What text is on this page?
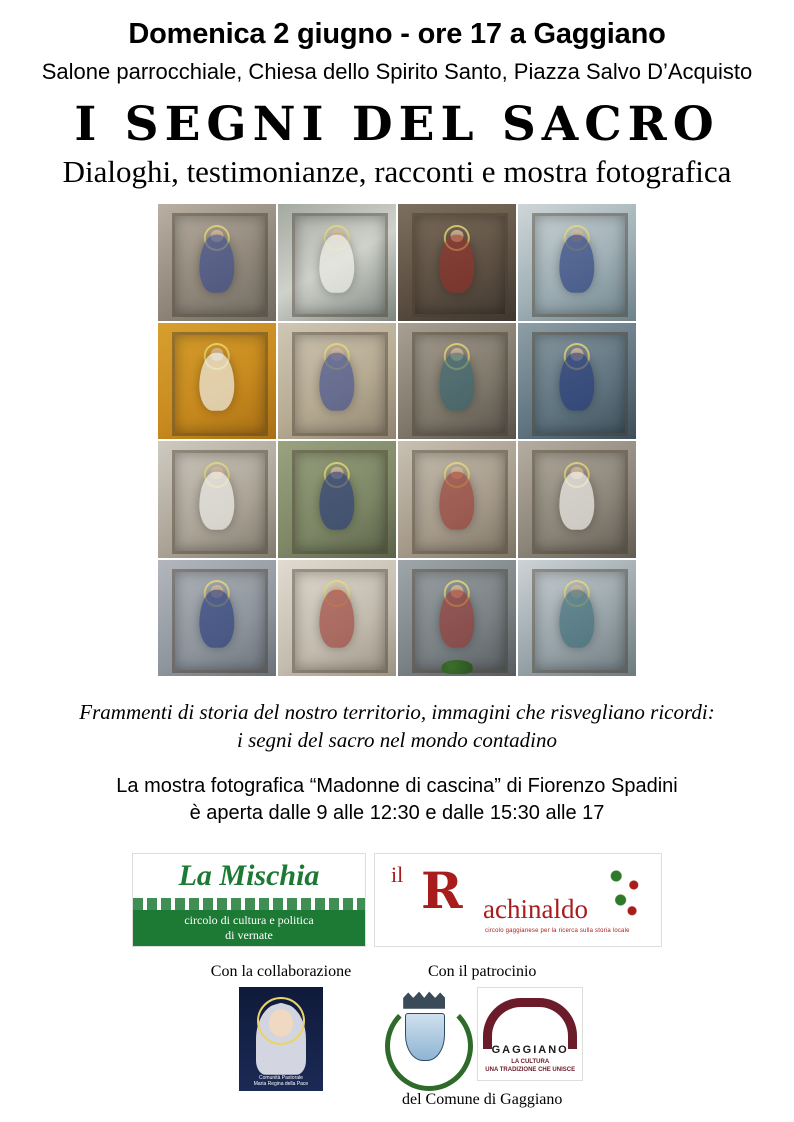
Domenica 2 giugno - ore 17 a Gaggiano
Salone parrocchiale, Chiesa dello Spirito Santo, Piazza Salvo D’Acquisto
I SEGNI DEL SACRO
Dialoghi, testimonianze, racconti e mostra fotografica
Frammenti di storia del nostro territorio, immagini che risvegliano ricordi:
i segni del sacro nel mondo contadino
La mostra fotografica “Madonne di cascina” di Fiorenzo Spadini
è aperta dalle 9 alle 12:30 e dalle 15:30 alle 17
La Mischia
circolo di cultura e politica
di vernate
il R achinaldo
circolo gaggianese per la ricerca sulla storia locale
Con la collaborazione
Comunità Pastorale
Maria Regina della Pace
Con il patrocinio
GAGGIANO
LA CULTURA
UNA TRADIZIONE CHE UNISCE
del Comune di Gaggiano
